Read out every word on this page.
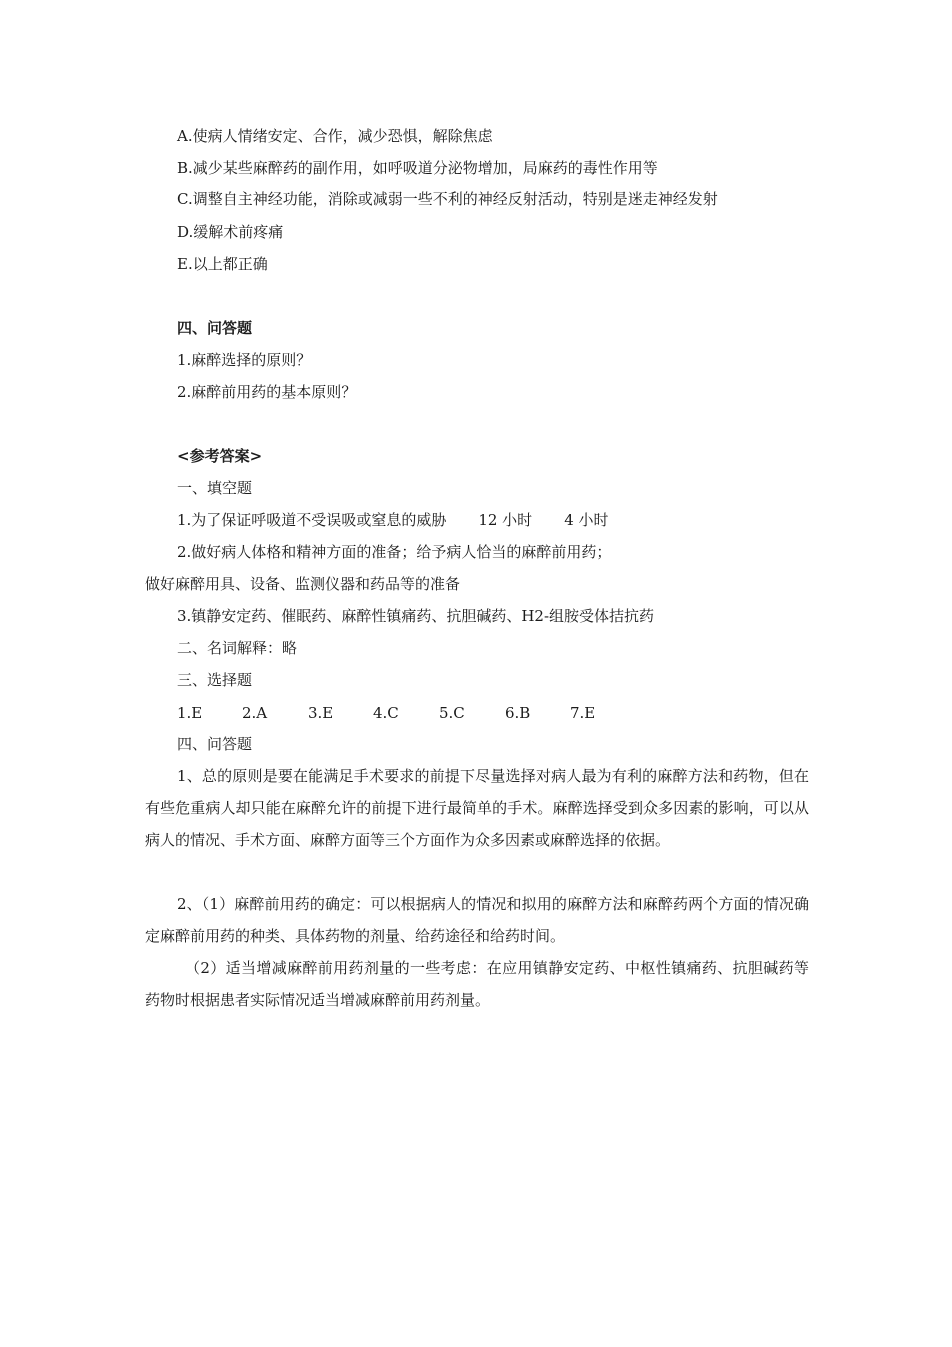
A.使病人情绪安定、合作，减少恐惧，解除焦虑
B.减少某些麻醉药的副作用，如呼吸道分泌物增加，局麻药的毒性作用等
C.调整自主神经功能，消除或减弱一些不利的神经反射活动，特别是迷走神经发射
D.缓解术前疼痛
E.以上都正确
四、问答题
1.麻醉选择的原则？
2.麻醉前用药的基本原则？
<参考答案>
一、填空题
1.为了保证呼吸道不受误吸或窒息的威胁 12 小时 4 小时
2.做好病人体格和精神方面的准备；给予病人恰当的麻醉前用药；
做好麻醉用具、设备、监测仪器和药品等的准备
3.镇静安定药、催眠药、麻醉性镇痛药、抗胆碱药、H2-组胺受体拮抗药
二、名词解释：略
三、选择题
1.E	2.A	3.E	4.C	5.C	6.B	7.E
四、问答题
1、总的原则是要在能满足手术要求的前提下尽量选择对病人最为有利的麻醉方法和药物，但在有些危重病人却只能在麻醉允许的前提下进行最简单的手术。麻醉选择受到众多因素的影响，可以从病人的情况、手术方面、麻醉方面等三个方面作为众多因素或麻醉选择的依据。
2、（1）麻醉前用药的确定：可以根据病人的情况和拟用的麻醉方法和麻醉药两个方面的情况确定麻醉前用药的种类、具体药物的剂量、给药途径和给药时间。
（2）适当增减麻醉前用药剂量的一些考虑：在应用镇静安定药、中枢性镇痛药、抗胆碱药等药物时根据患者实际情况适当增减麻醉前用药剂量。
